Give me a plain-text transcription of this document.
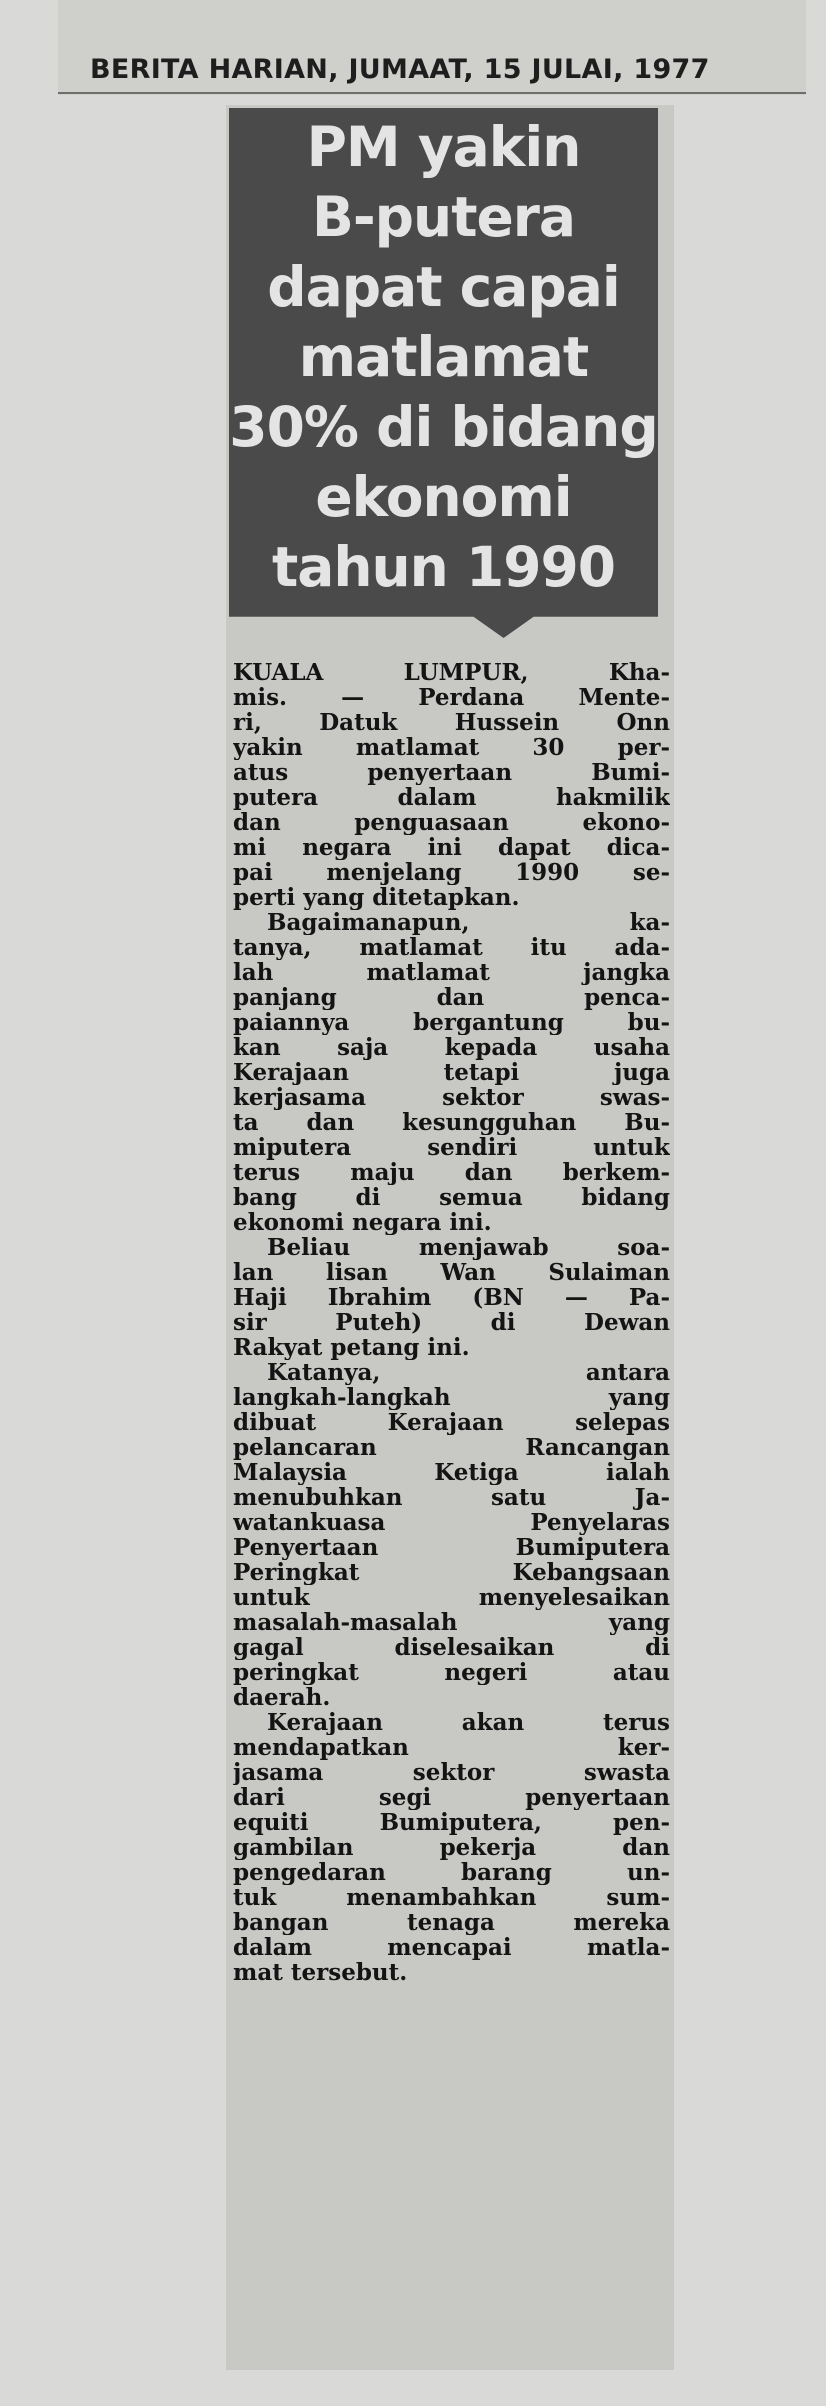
BERITA HARIAN, JUMAAT, 15 JULAI, 1977
PM yakin
B-putera
dapat capai
matlamat
30% di bidang
ekonomi
tahun 1990
KUALA LUMPUR, Kha-
mis. — Perdana Mente-
ri, Datuk Hussein Onn
yakin matlamat 30 per-
atus penyertaan Bumi-
putera dalam hakmilik
dan penguasaan ekono-
mi negara ini dapat dica-
pai menjelang 1990 se-
perti yang ditetapkan.
Bagaimanapun, ka-
tanya, matlamat itu ada-
lah matlamat jangka
panjang dan penca-
paiannya bergantung bu-
kan saja kepada usaha
Kerajaan tetapi juga
kerjasama sektor swas-
ta dan kesungguhan Bu-
miputera sendiri untuk
terus maju dan berkem-
bang di semua bidang
ekonomi negara ini.
Beliau menjawab soa-
lan lisan Wan Sulaiman
Haji Ibrahim (BN — Pa-
sir Puteh) di Dewan
Rakyat petang ini.
Katanya, antara
langkah-langkah yang
dibuat Kerajaan selepas
pelancaran Rancangan
Malaysia Ketiga ialah
menubuhkan satu Ja-
watankuasa Penyelaras
Penyertaan Bumiputera
Peringkat Kebangsaan
untuk menyelesaikan
masalah-masalah yang
gagal diselesaikan di
peringkat negeri atau
daerah.
Kerajaan akan terus
mendapatkan ker-
jasama sektor swasta
dari segi penyertaan
equiti Bumiputera, pen-
gambilan pekerja dan
pengedaran barang un-
tuk menambahkan sum-
bangan tenaga mereka
dalam mencapai matla-
mat tersebut.
